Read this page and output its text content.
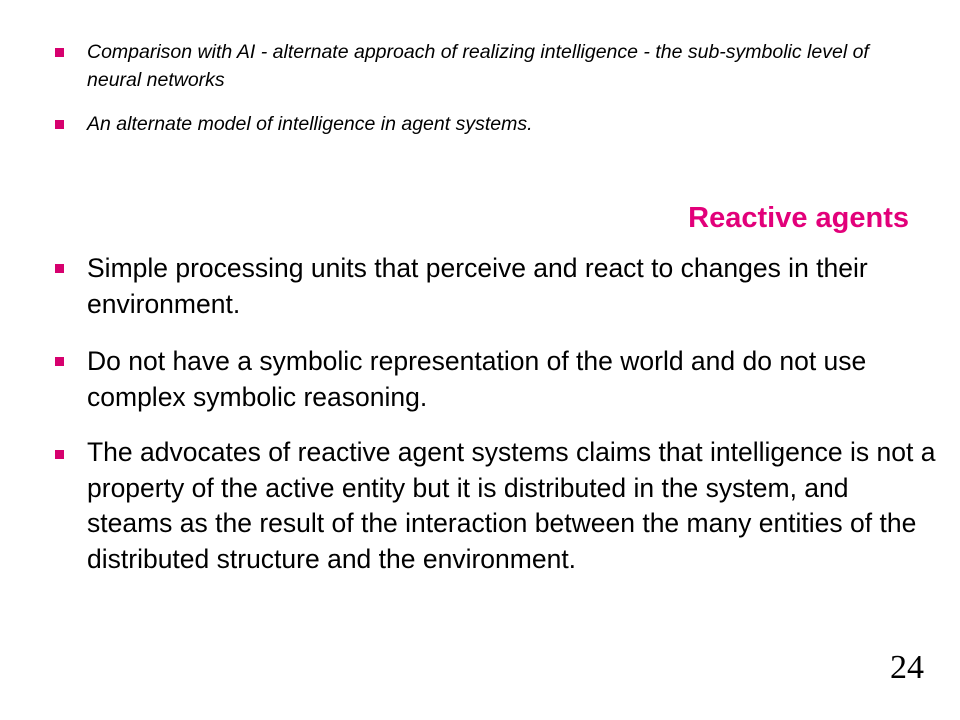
Comparison with AI - alternate approach of realizing intelligence - the sub-symbolic level of neural networks
An alternate model of intelligence in agent systems.
Reactive agents
Simple processing units that perceive and react to changes in their environment.
Do not have a symbolic representation of the world and do not use complex symbolic reasoning.
The advocates of reactive agent systems claims that intelligence is not a property of the active entity but it is distributed in the system, and steams as the result of the interaction between the many entities of the distributed structure and the environment.
24
